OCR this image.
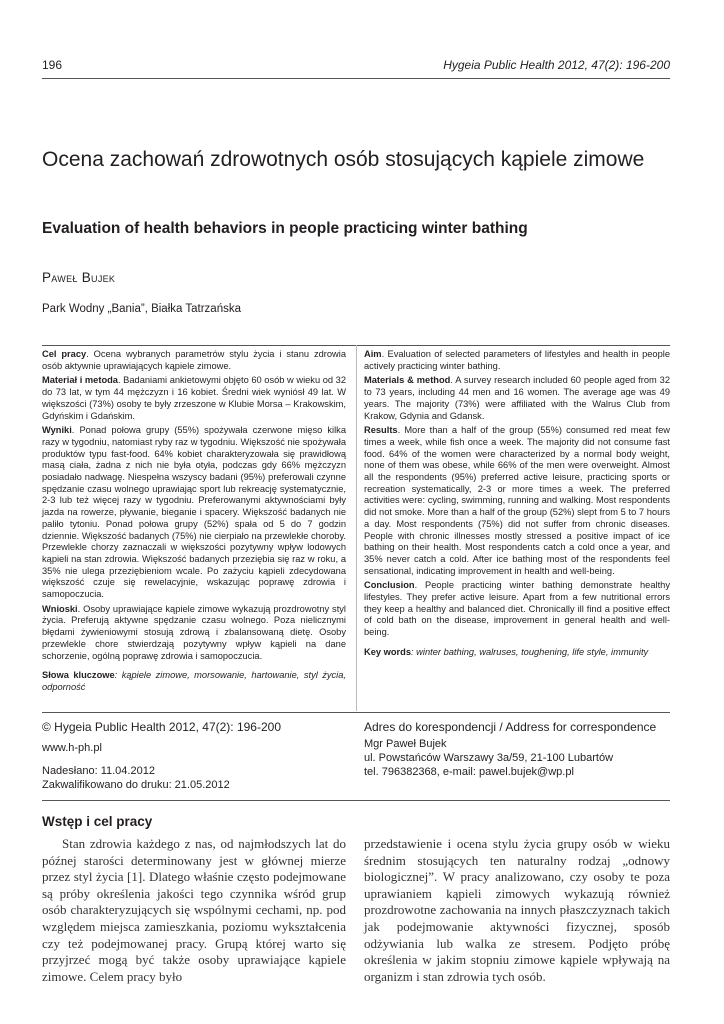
196	Hygeia Public Health 2012, 47(2): 196-200
Ocena zachowań zdrowotnych osób stosujących kąpiele zimowe
Evaluation of health behaviors in people practicing winter bathing
Paweł Bujek
Park Wodny „Bania”, Białka Tatrzańska

Cel pracy. Ocena wybranych parametrów stylu życia i stanu zdrowia osób aktywnie uprawiających kąpiele zimowe.

Materiał i metoda. Badaniami ankietowymi objęto 60 osób w wieku od 32 do 73 lat, w tym 44 mężczyzn i 16 kobiet. Średni wiek wyniósł 49 lat. W większości (73%) osoby te były zrzeszone w Klubie Morsa – Krakowskim, Gdyńskim i Gdańskim.

Wyniki. Ponad połowa grupy (55%) spożywała czerwone mięso kilka razy w tygodniu, natomiast ryby raz w tygodniu. Większość nie spożywała produktów typu fast-food. 64% kobiet charakteryzowała się prawidłową masą ciała, żadna z nich nie była otyła, podczas gdy 66% mężczyzn posiadało nadwagę. Niespełna wszyscy badani (95%) preferowali czynne spędzanie czasu wolnego uprawiając sport lub rekreację systematycznie, 2-3 lub też więcej razy w tygodniu. Preferowanymi aktywnościami były jazda na rowerze, pływanie, bieganie i spacery. Większość badanych nie paliło tytoniu. Ponad połowa grupy (52%) spała od 5 do 7 godzin dziennie. Większość badanych (75%) nie cierpiało na przewlekłe choroby. Przewlekle chorzy zaznaczali w większości pozytywny wpływ lodowych kąpieli na stan zdrowia. Większość badanych przeziębia się raz w roku, a 35% nie ulega przeziębieniom wcale. Po zażyciu kąpieli zdecydowana większość czuje się rewelacyjnie, wskazując poprawę zdrowia i samopoczucia.

Wnioski. Osoby uprawiające kąpiele zimowe wykazują prozdrowotny styl życia. Preferują aktywne spędzanie czasu wolnego. Poza nielicznymi błędami żywieniowymi stosują zdrową i zbalansowaną dietę. Osoby przewlekle chore stwierdzają pozytywny wpływ kąpieli na dane schorzenie, ogólną poprawę zdrowia i samopoczucia.

Słowa kluczowe: kąpiele zimowe, morsowanie, hartowanie, styl życia, odporność

Aim. Evaluation of selected parameters of lifestyles and health in people actively practicing winter bathing.

Materials & method. A survey research included 60 people aged from 32 to 73 years, including 44 men and 16 women. The average age was 49 years. The majority (73%) were affiliated with the Walrus Club from Krakow, Gdynia and Gdansk.

Results. More than a half of the group (55%) consumed red meat few times a week, while fish once a week. The majority did not consume fast food. 64% of the women were characterized by a normal body weight, none of them was obese, while 66% of the men were overweight. Almost all the respondents (95%) preferred active leisure, practicing sports or recreation systematically, 2-3 or more times a week. The preferred activities were: cycling, swimming, running and walking. Most respondents did not smoke. More than a half of the group (52%) slept from 5 to 7 hours a day. Most respondents (75%) did not suffer from chronic diseases. People with chronic illnesses mostly stressed a positive impact of ice bathing on their health. Most respondents catch a cold once a year, and 35% never catch a cold. After ice bathing most of the respondents feel sensational, indicating improvement in health and well-being.

Conclusion. People practicing winter bathing demonstrate healthy lifestyles. They prefer active leisure. Apart from a few nutritional errors they keep a healthy and balanced diet. Chronically ill find a positive effect of cold bath on the disease, improvement in general health and well-being.

Key words: winter bathing, walruses, toughening, life style, immunity

© Hygeia Public Health 2012, 47(2): 196-200
www.h-ph.pl
Nadesłano: 11.04.2012
Zakwalifikowano do druku: 21.05.2012
Adres do korespondencji / Address for correspondence
Mgr Paweł Bujek
ul. Powstańców Warszawy 3a/59, 21-100 Lubartów
tel. 796382368, e-mail: pawel.bujek@wp.pl
Wstęp i cel pracy
Stan zdrowia każdego z nas, od najmłodszych lat do późnej starości determinowany jest w głównej mierze przez styl życia [1]. Dlatego właśnie często podejmowane są próby określenia jakości tego czynnika wśród grup osób charakteryzujących się wspólnymi cechami, np. pod względem miejsca zamieszkania, poziomu wykształcenia czy też podejmowanej pracy. Grupą której warto się przyjrzeć mogą być także osoby uprawiające kąpiele zimowe. Celem pracy było
przedstawienie i ocena stylu życia grupy osób w wieku średnim stosujących ten naturalny rodzaj „odnowy biologicznej”. W pracy analizowano, czy osoby te poza uprawianiem kąpieli zimowych wykazują również prozdrowotne zachowania na innych płaszczyznach takich jak podejmowanie aktywności fizycznej, sposób odżywiania lub walka ze stresem. Podjęto próbę określenia w jakim stopniu zimowe kąpiele wpływają na organizm i stan zdrowia tych osób.
